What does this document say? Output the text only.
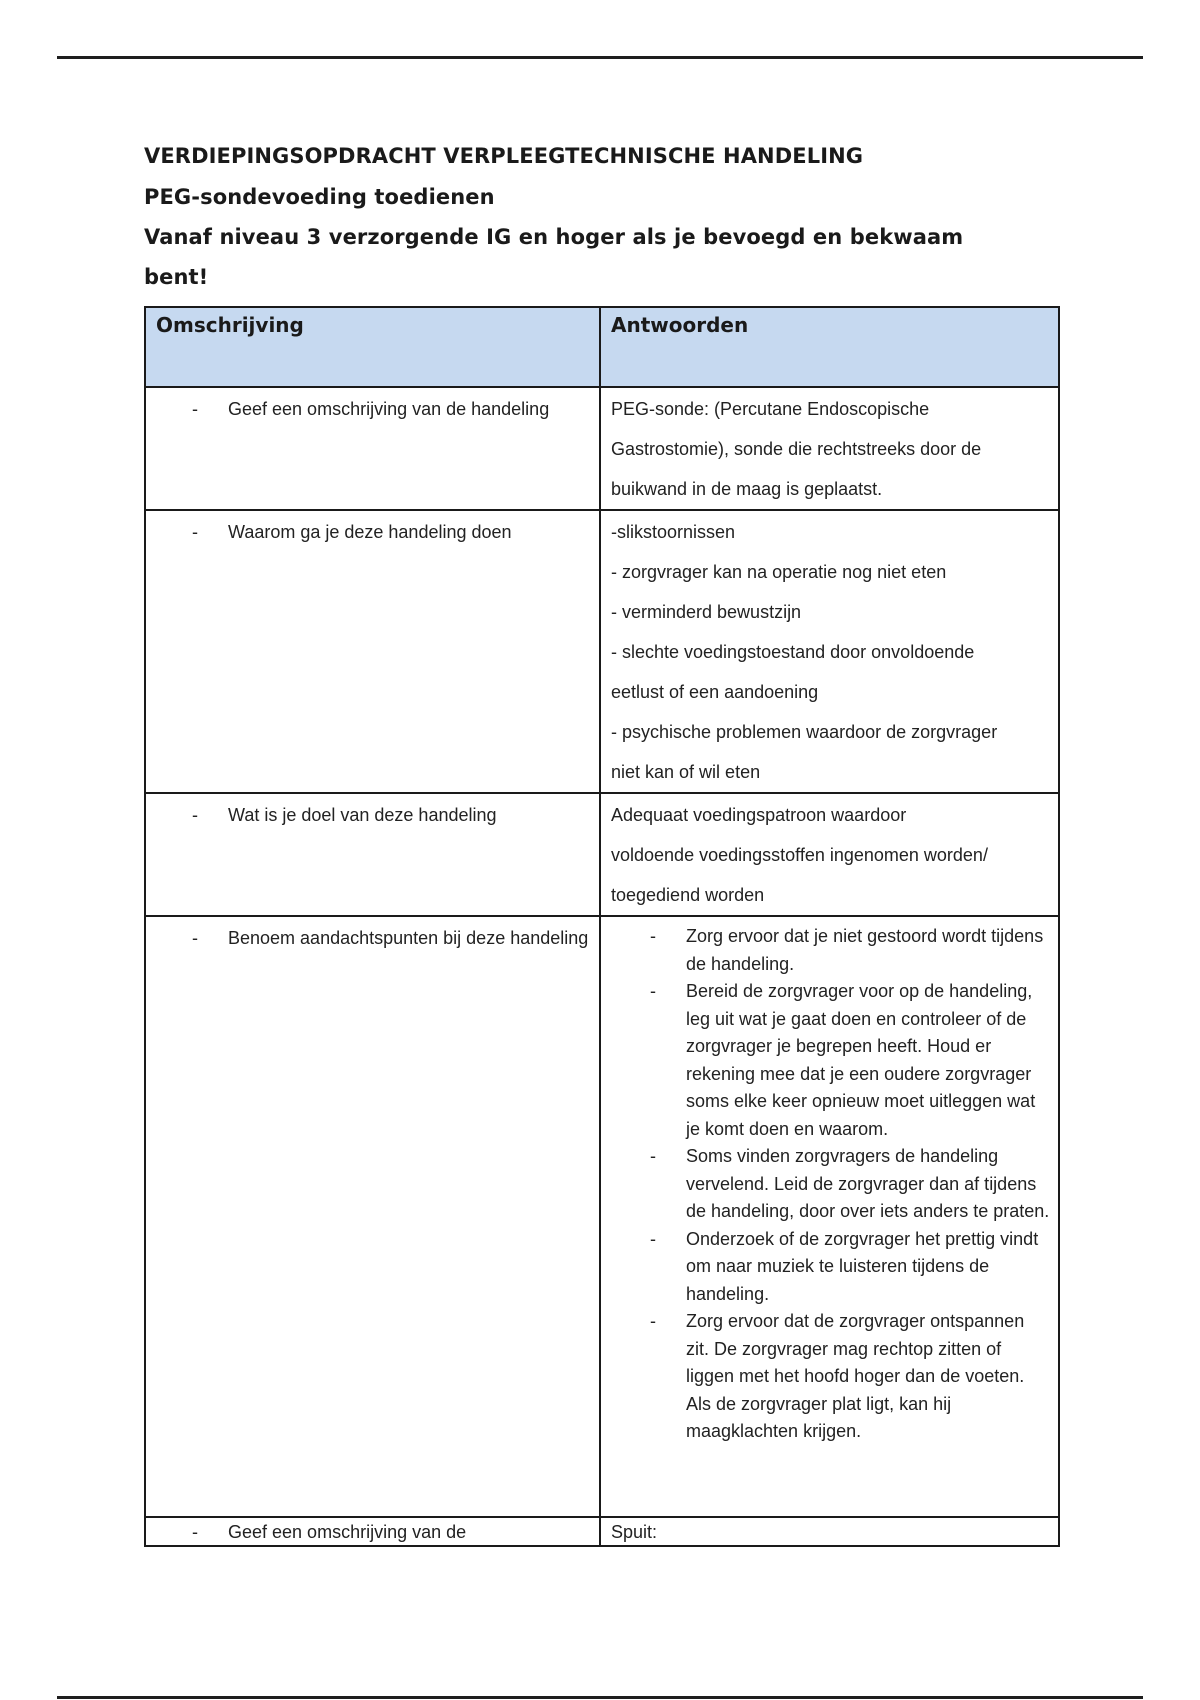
VERDIEPINGSOPDRACHT VERPLEEGTECHNISCHE HANDELING
PEG-sondevoeding toedienen

Vanaf niveau 3 verzorgende IG en hoger als je bevoegd en bekwaam

bent!

Omschrijving	Antwoorden

- Geef een omschrijving van de handeling	PEG-sonde: (Percutane Endoscopische
Gastrostomie), sonde die rechtstreeks door de
buikwand in de maag is geplaatst.

-	Waarom ga je deze handeling doen	-slikstoornissen
- zorgvrager kan na operatie nog niet eten
- verminderd bewustzijn
- slechte voedingstoestand door onvoldoende
eetlust of een aandoening
- psychische problemen waardoor de zorgvrager
niet kan of wil eten

- Wat is je doel van deze handeling	Adequaat voedingspatroon waardoor
voldoende voedingsstoffen ingenomen worden/
toegediend worden

-	Benoem aandachtspunten bij deze handeling	-	Zorg ervoor dat je niet gestoord wordt tijdens de handeling.
-	Bereid de zorgvrager voor op de handeling, leg uit wat je gaat doen en controleer of de zorgvrager je begrepen heeft. Houd er rekening mee dat je een oudere zorgvrager soms elke keer opnieuw moet uitleggen wat je komt doen en waarom.
-	Soms vinden zorgvragers de handeling vervelend. Leid de zorgvrager dan af tijdens de handeling, door over iets anders te praten.
-	Onderzoek of de zorgvrager het prettig vindt om naar muziek te luisteren tijdens de handeling.
-	Zorg ervoor dat de zorgvrager ontspannen zit. De zorgvrager mag rechtop zitten of liggen met het hoofd hoger dan de voeten. Als de zorgvrager plat ligt, kan hij maagklachten krijgen.

- Geef een omschrijving van de	Spuit:
